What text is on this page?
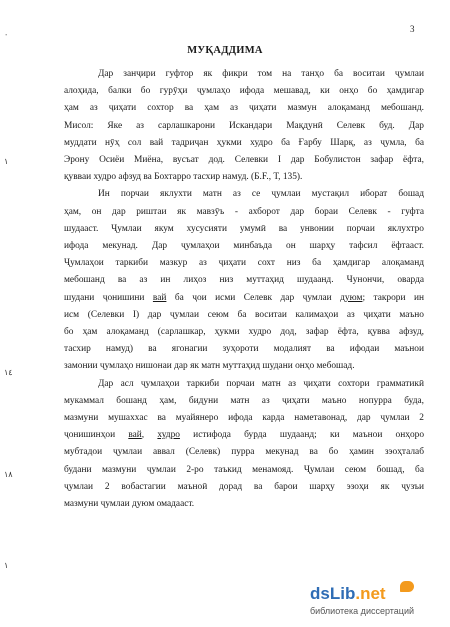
3
٠
١
١٤
١٨
١
МУҚАДДИМА

Дар занҷири гуфтор як фикри том на танҳо ба воситаи ҷумлаи
алоҳида, балки бо гурӯҳи ҷумлаҳо ифода мешавад, ки онҳо бо ҳамдигар
ҳам аз ҷиҳати сохтор ва ҳам аз ҷиҳати мазмун алоқаманд мебошанд.
Мисол: Яке аз сарлашкарони Искандари Мақдунӣ Селевк буд. Дар
муддати нӯҳ сол вай тадриҷан ҳукми худро ба Ғарбу Шарқ, аз ҷумла, ба
Эрону Осиёи Миёна, вусъат дод. Селевки I дар Бобулистон зафар ёфта,
қувваи худро афзуд ва Бохтарро тасхир намуд. (Б.F., Т, 135).

Ин порчаи яклухти матн аз се ҷумлаи мустақил иборат бошад
ҳам, он дар риштаи як мавзӯъ - ахборот дар бораи Селевк - гуфта
шудааст. Ҷумлаи якум хусусияти умумӣ ва унвонии порчаи яклухтро
ифода мекунад. Дар ҷумлаҳои минбаъда он шарҳу тафсил ёфтааст.
Ҷумлаҳои таркиби мазкур аз ҷиҳати сохт низ ба ҳамдигар алоқаманд
мебошанд ва аз ин лиҳоз низ муттаҳид шудаанд. Чунончи, оварда
шудани ҷонишини вай ба ҷои исми Селевк дар ҷумлаи дуюм; такрори ин
исм (Селевки I) дар ҷумлаи сеюм ба воситаи калимаҳои аз ҷиҳати маъно
бо ҳам алоқаманд (сарлашкар, ҳукми худро дод, зафар ёфта, қувва афзуд,
тасхир намуд) ва ягонагии зуҳороти модалият ва ифодаи маънои
замонии ҷумлаҳо нишонаи дар як матн муттаҳид шудани онҳо мебошад.

Дар асл ҷумлаҳои таркиби порчаи матн аз ҷиҳати сохтори грамматикӣ
мукаммал бошанд ҳам, бидуни матн аз ҷиҳати маъно нопурра буда,
мазмуни мушаххас ва муайянеро ифода карда наметавонад, дар ҷумлаи 2
ҷонишинҳои вай, худро истифода бурда шудаанд; ки маънои онҳоро
мубтадои ҷумлаи аввал (Селевк) пурра мекунад ва бо ҳамин зэоҳталаб
будани мазмуни ҷумлаи 2-ро таъкид менамояд. Ҷумлаи сеюм бошад, ба
ҷумлаи 2 вобастагии маъноӣ дорад ва барои шарҳу эзоҳи як ҷузъи
мазмуни ҷумлаи дуюм омадааст.

dsLib.net
библиотека диссертаций
